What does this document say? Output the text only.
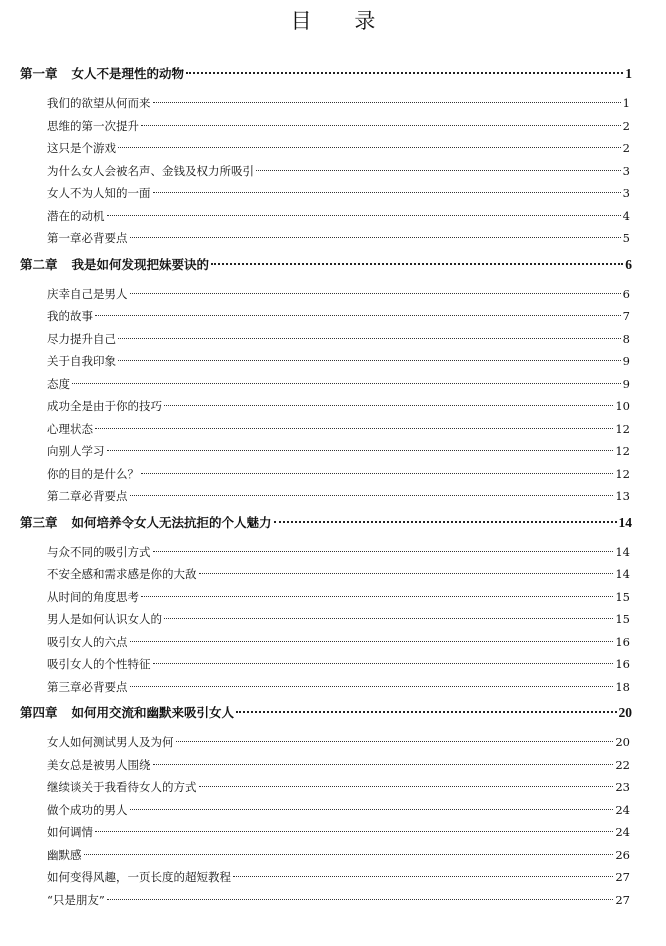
目 录
第一章 女人不是理性的动物	1
我们的欲望从何而来	1
思维的第一次提升	2
这只是个游戏	2
为什么女人会被名声、金钱及权力所吸引	3
女人不为人知的一面	3
潜在的动机	4
第一章必背要点	5
第二章 我是如何发现把妹要诀的	6
庆幸自己是男人	6
我的故事	7
尽力提升自己	8
关于自我印象	9
态度	9
成功全是由于你的技巧	10
心理状态	12
向别人学习	12
你的目的是什么？	12
第二章必背要点	13
第三章 如何培养令女人无法抗拒的个人魅力	14
与众不同的吸引方式	14
不安全感和需求感是你的大敌	14
从时间的角度思考	15
男人是如何认识女人的	15
吸引女人的六点	16
吸引女人的个性特征	16
第三章必背要点	18
第四章 如何用交流和幽默来吸引女人	20
女人如何测试男人及为何	20
美女总是被男人围绕	22
继续谈关于我看待女人的方式	23
做个成功的男人	24
如何调情	24
幽默感	26
如何变得风趣，一页长度的超短教程	27
“只是朋友”	27
